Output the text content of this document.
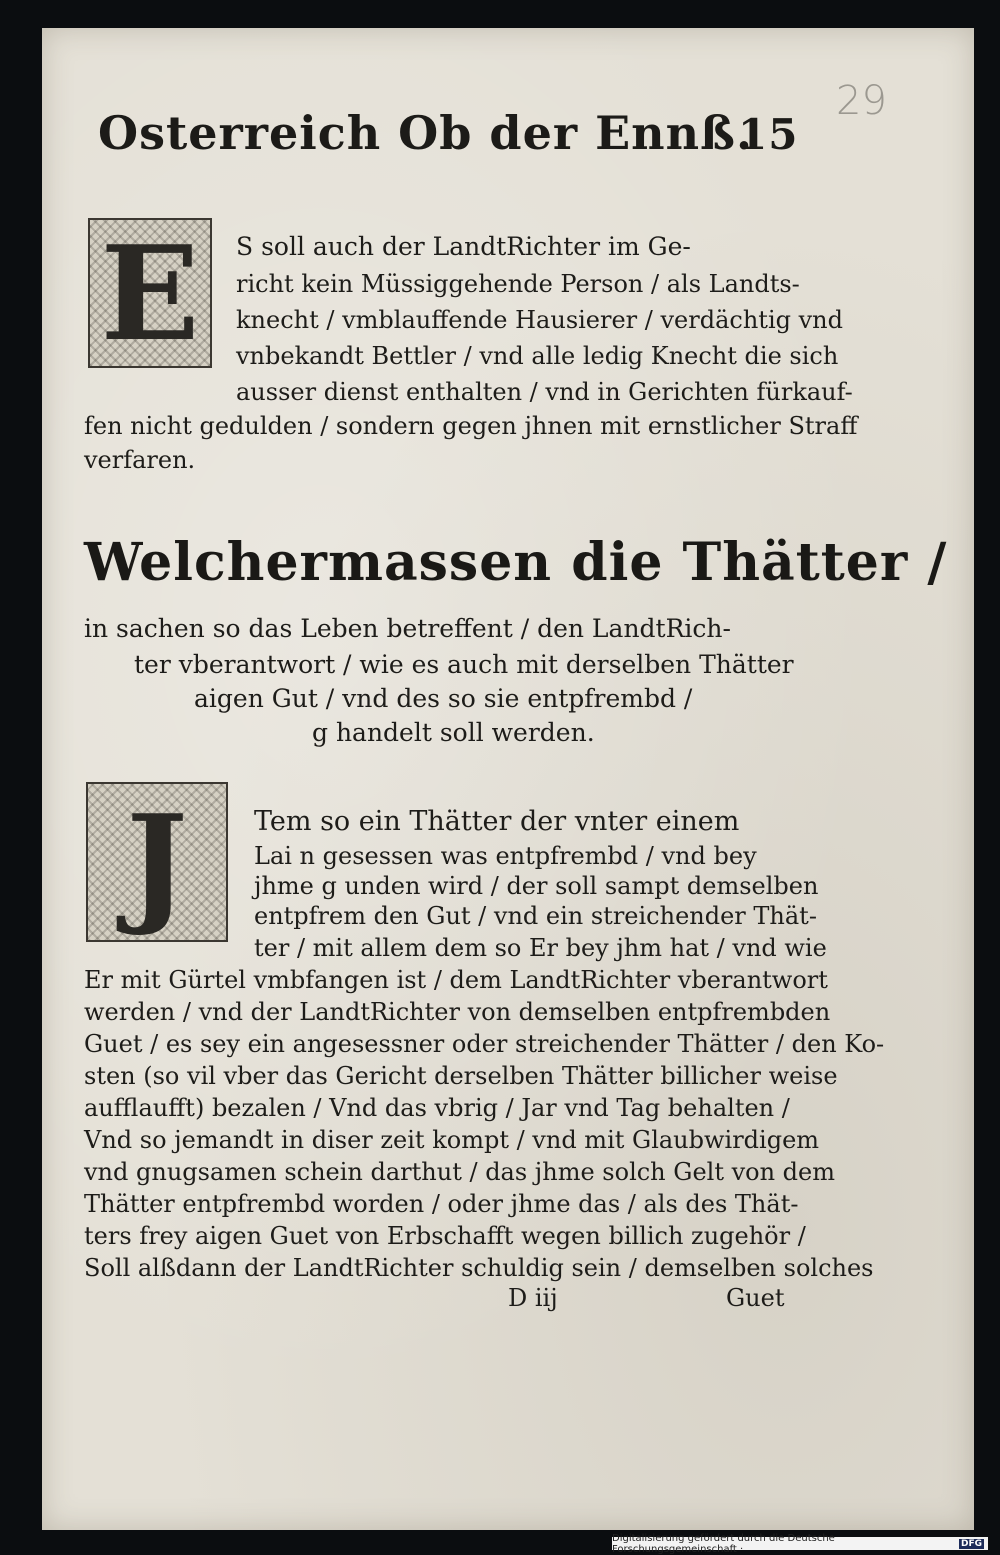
29
Osterreich Ob der Ennß.
15
E	S soll auch der LandtRichter im Ge-
richt kein Müssiggehende Person / als Landts-
knecht / vmblauffende Hausierer / verdächtig vnd
vnbekandt Bettler / vnd alle ledig Knecht die sich
ausser dienst enthalten / vnd in Gerichten fürkauf-
fen nicht gedulden / sondern gegen jhnen mit ernstlicher Straff
verfaren.
Welchermassen die Thätter /
in sachen so das Leben betreffent / den LandtRich-
ter vberantwort / wie es auch mit derselben Thätter
aigen Gut / vnd des so sie entpfrembd /
g handelt soll werden.
J	Tem so ein Thätter der vnter einem
Lai n gesessen was entpfrembd / vnd bey
jhme g unden wird / der soll sampt demselben
entpfrem den Gut / vnd ein streichender Thät-
ter / mit allem dem so Er bey jhm hat / vnd wie
Er mit Gürtel vmbfangen ist / dem LandtRichter vberantwort
werden / vnd der LandtRichter von demselben entpfrembden
Guet / es sey ein angesessner oder streichender Thätter / den Ko-
sten (so vil vber das Gericht derselben Thätter billicher weise
aufflaufft) bezalen / Vnd das vbrig / Jar vnd Tag behalten /
Vnd so jemandt in diser zeit kompt / vnd mit Glaubwirdigem
vnd gnugsamen schein darthut / das jhme solch Gelt von dem
Thätter entpfrembd worden / oder jhme das / als des Thät-
ters frey aigen Guet von Erbschafft wegen billich zugehör /
Soll alßdann der LandtRichter schuldig sein / demselben solches
D iij	Guet
Digitalisierung gefördert durch die Deutsche Forschungsgemeinschaft ·	DFG
